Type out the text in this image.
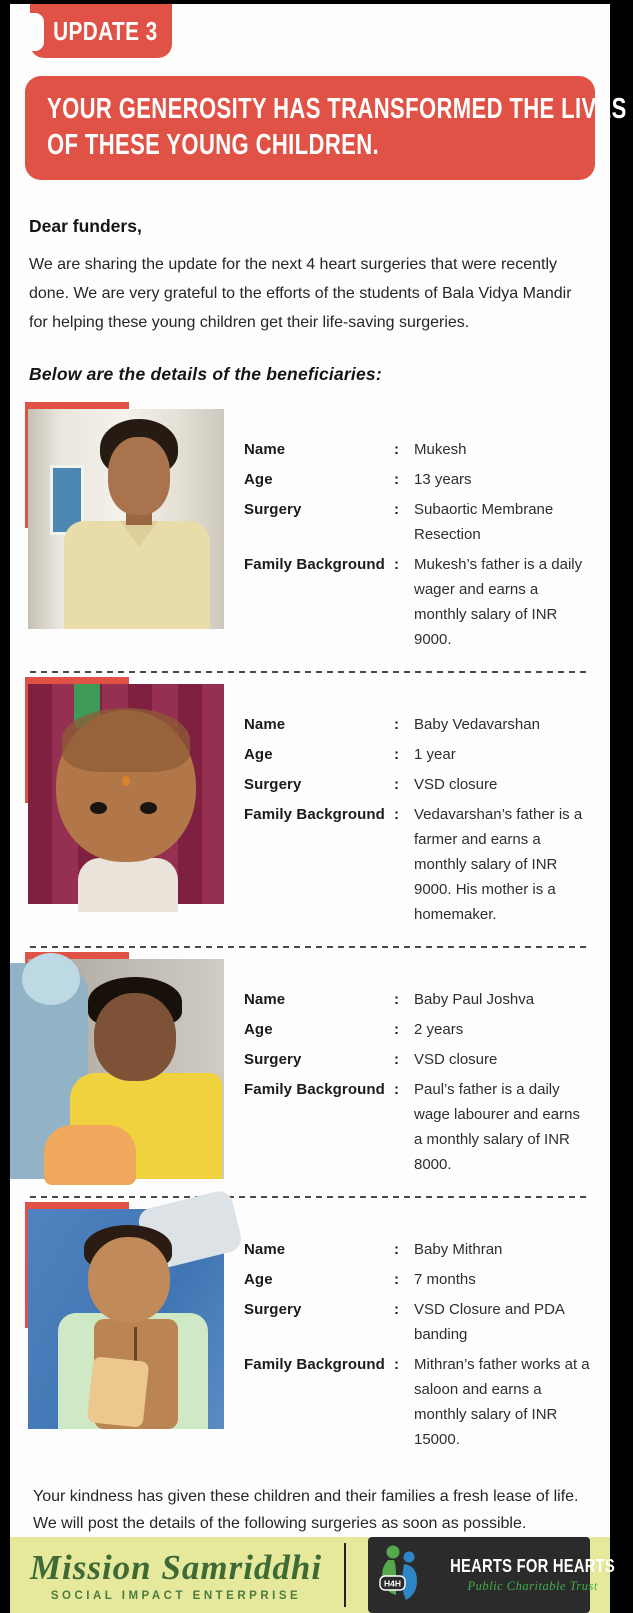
UPDATE 3
YOUR GENEROSITY HAS TRANSFORMED THE LIVES
OF THESE YOUNG CHILDREN.
Dear funders,
We are sharing the update for the next 4 heart surgeries that were recently done. We are very grateful to the efforts of the students of Bala Vidya Mandir for helping these young children get their life-saving surgeries.
Below are the details of the beneficiaries:
Name	:	Mukesh
Age	:	13 years
Surgery	:	Subaortic Membrane Resection
Family Background :	Mukesh’s father is a daily wager and earns a monthly salary of INR 9000.
Name	:	Baby Vedavarshan
Age	:	1 year
Surgery	:	VSD closure
Family Background :	Vedavarshan’s father is a farmer and earns a monthly salary of INR 9000. His mother is a homemaker.
Name	:	Baby Paul Joshva
Age	:	2 years
Surgery	:	VSD closure
Family Background :	Paul’s father is a daily wage labourer and earns a monthly salary of INR 8000.
Name	:	Baby Mithran
Age	:	7 months
Surgery	:	VSD Closure and PDA banding
Family Background :	Mithran’s father works at a saloon and earns a monthly salary of INR 15000.
Your kindness has given these children and their families a fresh lease of life.
We will post the details of the following surgeries as soon as possible.
Mission Samriddhi
SOCIAL IMPACT ENTERPRISE
H4H
HEARTS FOR HEARTS
Public Charitable Trust
